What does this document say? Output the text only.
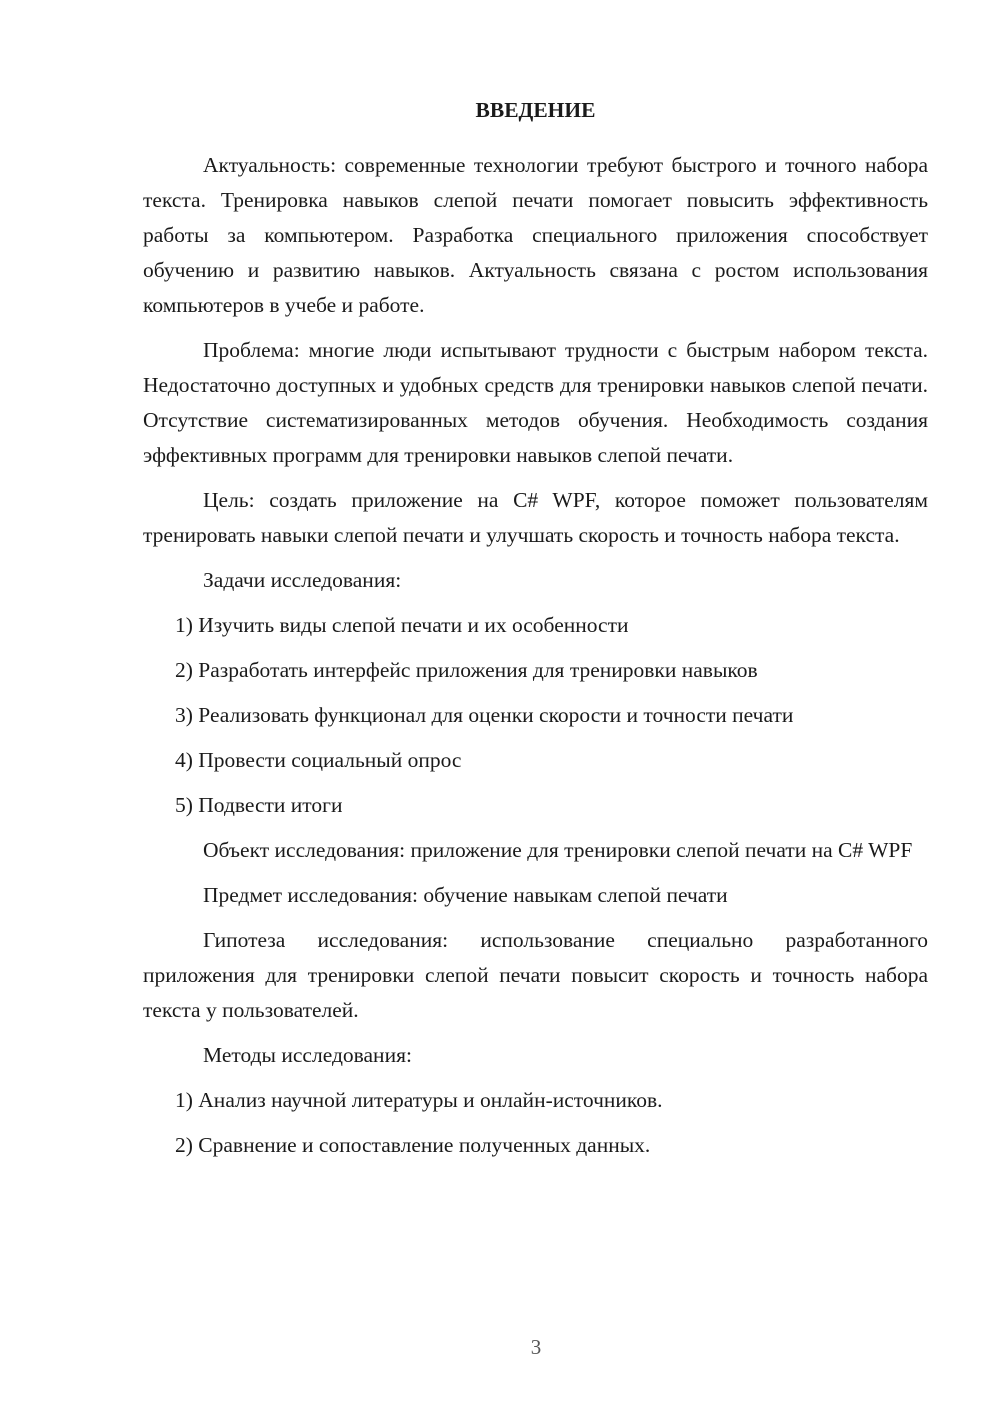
ВВЕДЕНИЕ

Актуальность: современные технологии требуют быстрого и точного набора текста. Тренировка навыков слепой печати помогает повысить эффективность работы за компьютером. Разработка специального приложения способствует обучению и развитию навыков. Актуальность связана с ростом использования компьютеров в учебе и работе.

Проблема: многие люди испытывают трудности с быстрым набором текста. Недостаточно доступных и удобных средств для тренировки навыков слепой печати. Отсутствие систематизированных методов обучения. Необходимость создания эффективных программ для тренировки навыков слепой печати.

Цель: создать приложение на C# WPF, которое поможет пользователям тренировать навыки слепой печати и улучшать скорость и точность набора текста.

Задачи исследования:

1) Изучить виды слепой печати и их особенности

2) Разработать интерфейс приложения для тренировки навыков

3) Реализовать функционал для оценки скорости и точности печати

4) Провести социальный опрос

5) Подвести итоги

Объект исследования: приложение для тренировки слепой печати на C# WPF

Предмет исследования: обучение навыкам слепой печати

Гипотеза исследования: использование специально разработанного приложения для тренировки слепой печати повысит скорость и точность набора текста у пользователей.

Методы исследования:

1) Анализ научной литературы и онлайн-источников.

2) Сравнение и сопоставление полученных данных.

3
